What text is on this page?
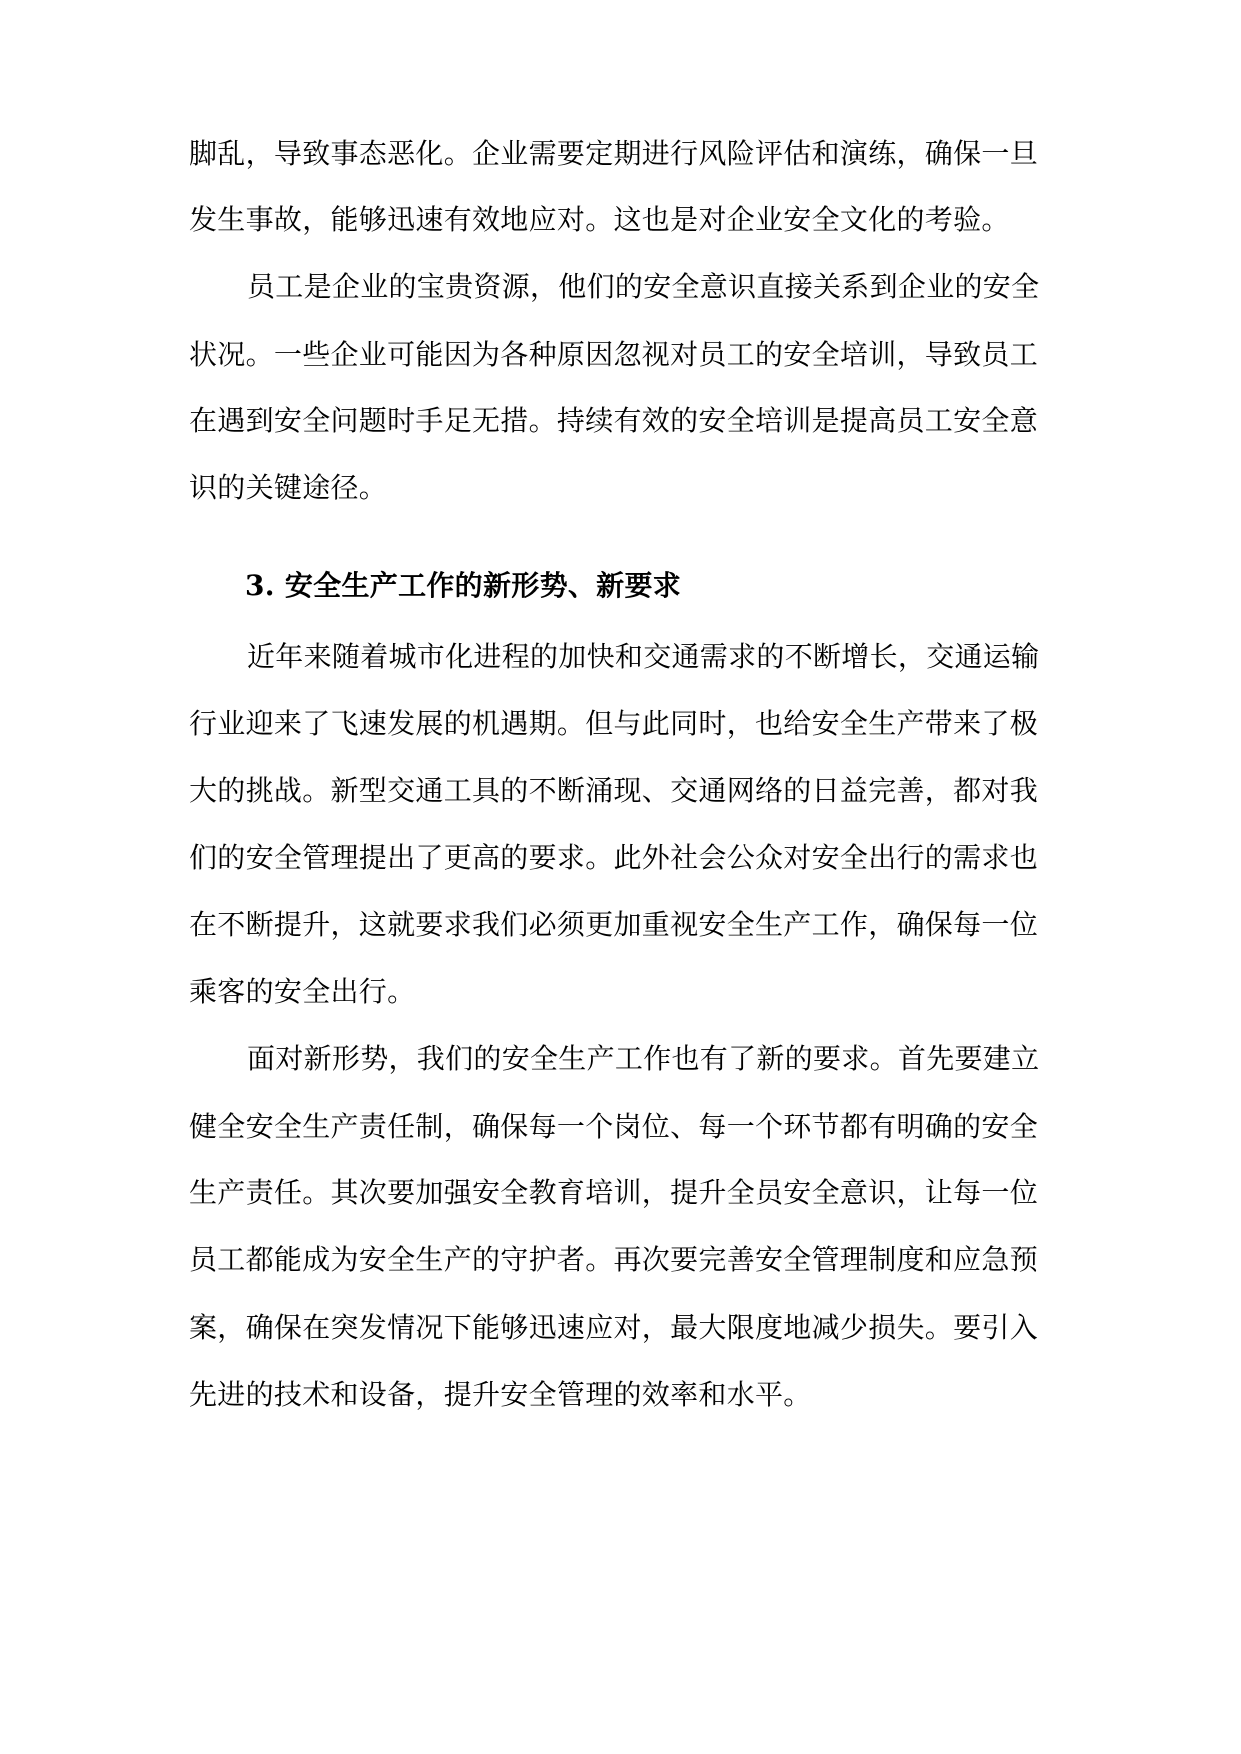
脚乱，导致事态恶化。企业需要定期进行风险评估和演练，确保一旦
发生事故，能够迅速有效地应对。这也是对企业安全文化的考验。
员工是企业的宝贵资源，他们的安全意识直接关系到企业的安全
状况。一些企业可能因为各种原因忽视对员工的安全培训，导致员工
在遇到安全问题时手足无措。持续有效的安全培训是提高员工安全意
识的关键途径。
3. 安全生产工作的新形势、新要求
近年来随着城市化进程的加快和交通需求的不断增长，交通运输
行业迎来了飞速发展的机遇期。但与此同时，也给安全生产带来了极
大的挑战。新型交通工具的不断涌现、交通网络的日益完善，都对我
们的安全管理提出了更高的要求。此外社会公众对安全出行的需求也
在不断提升，这就要求我们必须更加重视安全生产工作，确保每一位
乘客的安全出行。
面对新形势，我们的安全生产工作也有了新的要求。首先要建立
健全安全生产责任制，确保每一个岗位、每一个环节都有明确的安全
生产责任。其次要加强安全教育培训，提升全员安全意识，让每一位
员工都能成为安全生产的守护者。再次要完善安全管理制度和应急预
案，确保在突发情况下能够迅速应对，最大限度地减少损失。要引入
先进的技术和设备，提升安全管理的效率和水平。
